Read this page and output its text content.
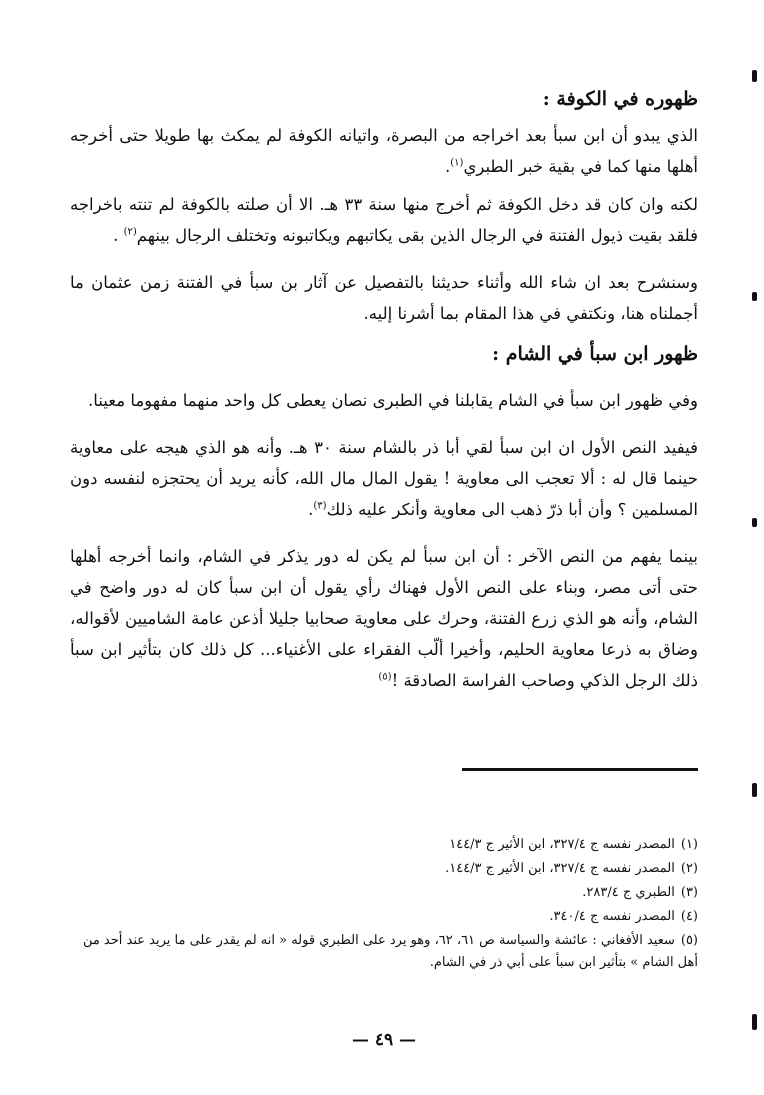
ظهوره في الكوفة :

الذي يبدو أن ابن سبأ بعد اخراجه من البصرة، واتيانه الكوفة لم يمكث بها طويلا حتى أخرجه أهلها منها كما في بقية خبر الطبري$^{(١)}$.

لكنه وان كان قد دخل الكوفة ثم أخرج منها سنة ٣٣ هـ. الا أن صلته بالكوفة لم تنته باخراجه فلقد بقيت ذيول الفتنة في الرجال الذين بقى يكاتبهم ويكاتبونه وتختلف الرجال بينهم$^{(٢)}$ .

وسنشرح بعد ان شاء الله وأثناء حديثنا بالتفصيل عن آثار بن سبأ في الفتنة زمن عثمان ما أجملناه هنا، ونكتفي في هذا المقام بما أشرنا إليه.

ظهور ابن سبأ في الشام :

وفي ظهور ابن سبأ في الشام يقابلنا في الطبرى نصان يعطى كل واحد منهما مفهوما معينا.

فيفيد النص الأول ان ابن سبأ لقي أبا ذر بالشام سنة ٣٠ هـ. وأنه هو الذي هيجه على معاوية حينما قال له : ألا تعجب الى معاوية ! يقول المال مال الله، كأنه يريد أن يحتجزه لنفسه دون المسلمين ؟ وأن أبا ذرّ ذهب الى معاوية وأنكر عليه ذلك$^{(٣)}$.

بينما يفهم من النص الآخر : أن ابن سبأ لم يكن له دور يذكر في الشام، وانما أخرجه أهلها حتى أتى مصر، وبناء على النص الأول فهناك رأي يقول أن ابن سبأ كان له دور واضح في الشام، وأنه هو الذي زرع الفتنة، وحرك على معاوية صحابيا جليلا أذعن عامة الشاميين لأقواله، وضاق به ذرعا معاوية الحليم، وأخيرا ألّب الفقراء على الأغنياء... كل ذلك كان بتأثير ابن سبأ ذلك الرجل الذكي وصاحب الفراسة الصادقة !$^{(٥)}$

(١)المصدر نفسه ج ٣٢٧/٤، ابن الأثير ج ١٤٤/٣
(٢)المصدر نفسه ج ٣٢٧/٤، ابن الأثير ج ١٤٤/٣.
(٣)الطبري ج ٢٨٣/٤.
(٤)المصدر نفسه ج ٣٤٠/٤.
(٥)سعيد الأفغاني : عائشة والسياسة ص ٦١، ٦٢، وهو يرد على الطبري قوله « انه لم يقدر على ما يريد عند أحد من أهل الشام » بتأثير ابن سبأ على أبي ذر في الشام.
— ٤٩ —
